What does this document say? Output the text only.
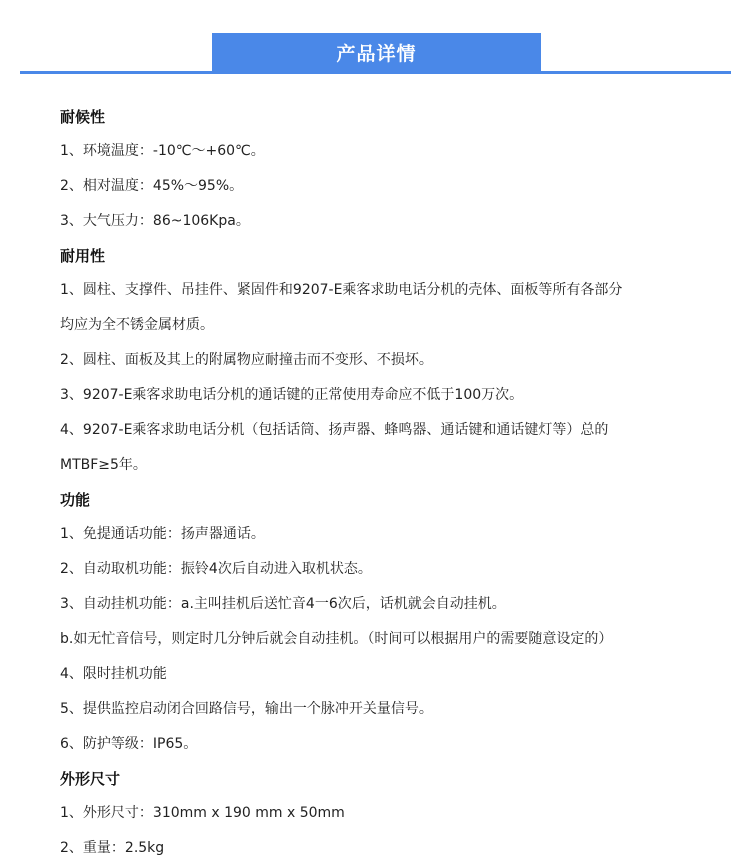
产品详情
耐候性
1、环境温度：-10℃～+60℃。
2、相对温度：45%～95%。
3、大气压力：86~106Kpa。
耐用性
1、圆柱、支撑件、吊挂件、紧固件和9207-E乘客求助电话分机的壳体、面板等所有各部分
均应为全不锈金属材质。
2、圆柱、面板及其上的附属物应耐撞击而不变形、不损坏。
3、9207-E乘客求助电话分机的通话键的正常使用寿命应不低于100万次。
4、9207-E乘客求助电话分机（包括话筒、扬声器、蜂鸣器、通话键和通话键灯等）总的
MTBF≥5年。
功能
1、免提通话功能：扬声器通话。
2、自动取机功能：振铃4次后自动进入取机状态。
3、自动挂机功能：a.主叫挂机后送忙音4一6次后，话机就会自动挂机。
b.如无忙音信号，则定时几分钟后就会自动挂机。（时间可以根据用户的需要随意设定的）
4、限时挂机功能
5、提供监控启动闭合回路信号，输出一个脉冲开关量信号。
6、防护等级：IP65。
外形尺寸
1、外形尺寸：310mm x 190 mm x 50mm
2、重量：2.5kg
